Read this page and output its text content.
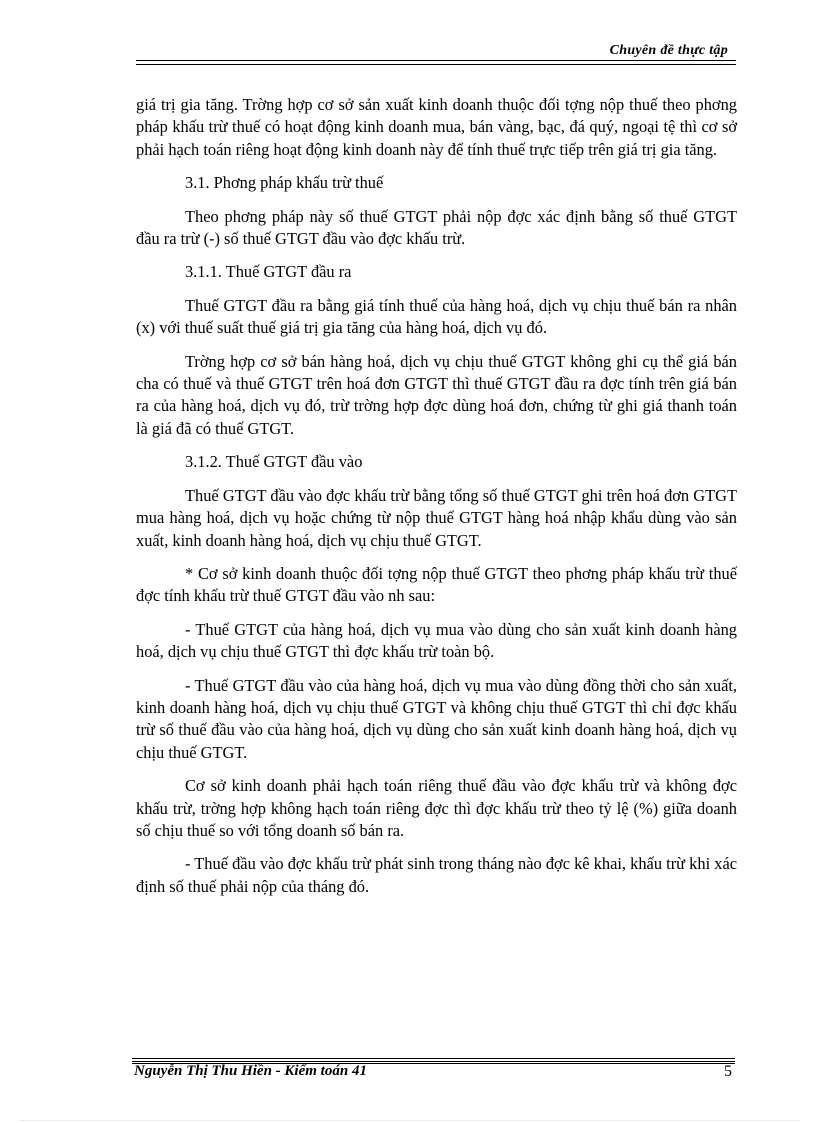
Chuyên đề thực tập

giá trị gia tăng. Trờng hợp cơ sở sản xuất kinh doanh thuộc đối tợng nộp thuế theo phơng pháp khấu trừ thuế có hoạt động kinh doanh mua, bán vàng, bạc, đá quý, ngoại tệ thì cơ sở phải hạch toán riêng hoạt động kinh doanh này để tính thuế trực tiếp trên giá trị gia tăng.

3.1. Phơng pháp khấu trừ thuế

Theo phơng pháp này số thuế GTGT phải nộp đợc xác định bằng số thuế GTGT đầu ra trừ (-) số thuế GTGT đầu vào đợc khấu trừ.

3.1.1. Thuế GTGT đầu ra

Thuế GTGT đầu ra bằng giá tính thuế của hàng hoá, dịch vụ chịu thuế bán ra nhân (x) với thuế suất thuế giá trị gia tăng của hàng hoá, dịch vụ đó.

Trờng hợp cơ sở bán hàng hoá, dịch vụ chịu thuế GTGT không ghi cụ thể giá bán cha có thuế và thuế GTGT trên hoá đơn GTGT thì thuế GTGT đầu ra đợc tính trên giá bán ra của hàng hoá, dịch vụ đó, trừ trờng hợp đợc dùng hoá đơn, chứng từ ghi giá thanh toán là giá đã có thuế GTGT.

3.1.2. Thuế GTGT đầu vào

Thuế GTGT đầu vào đợc khấu trừ bằng tổng số thuế GTGT ghi trên hoá đơn GTGT mua hàng hoá, dịch vụ hoặc chứng từ nộp thuế GTGT hàng hoá nhập khẩu dùng vào sản xuất, kinh doanh hàng hoá, dịch vụ chịu thuế GTGT.

* Cơ sở kinh doanh thuộc đối tợng nộp thuế GTGT theo phơng pháp khấu trừ thuế đợc tính khấu trừ thuế GTGT đầu vào nh sau:

- Thuế GTGT của hàng hoá, dịch vụ mua vào dùng cho sản xuất kinh doanh hàng hoá, dịch vụ chịu thuế GTGT thì đợc khấu trừ toàn bộ.

- Thuế GTGT đầu vào của hàng hoá, dịch vụ mua vào dùng đồng thời cho sản xuất, kinh doanh hàng hoá, dịch vụ chịu thuế GTGT và không chịu thuế GTGT thì chỉ đợc khấu trừ số thuế đầu vào của hàng hoá, dịch vụ dùng cho sản xuất kinh doanh hàng hoá, dịch vụ chịu thuế GTGT.

Cơ sở kinh doanh phải hạch toán riêng thuế đầu vào đợc khấu trừ và không đợc khấu trừ, trờng hợp không hạch toán riêng đợc thì đợc khấu trừ theo tỷ lệ (%) giữa doanh số chịu thuế so với tổng doanh số bán ra.

- Thuế đầu vào đợc khấu trừ phát sinh trong tháng nào đợc kê khai, khấu trừ khi xác định số thuế phải nộp của tháng đó.

Nguyễn Thị Thu Hiền - Kiểm toán 41	5
